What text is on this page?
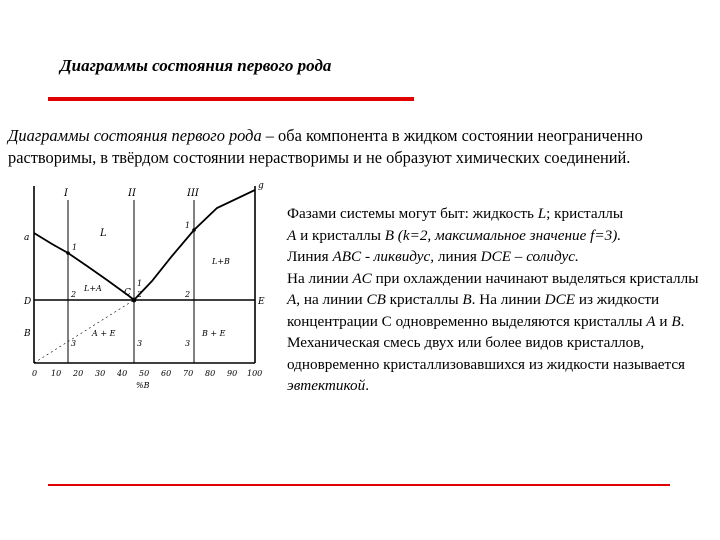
Диаграммы состояния первого рода
Диаграммы состояния первого рода – оба компонента в жидком состоянии неограниченно растворимы, в твёрдом состоянии нерастворимы и не образуют химических соединений.
I	II	III
a
g
D	E
B
L
L+A
L+B
A + E	B + E
C
1
2
3
1
2
3
1
2
3
0 10 20 30 40 50 60 70 80 90 100
%B

Фазами системы могут быт: жидкость L; кристаллы

A и кристаллы B (k=2, максимальное значение f=3).

Линия ABC - ликвидус, линия DCE – солидус.

На линии AC при охлаждении начинают выделяться кристаллы A, на линии CB кристаллы B. На линии DCE из жидкости концентрации С одновременно выделяются кристаллы A и B.

Механическая смесь двух или более видов кристаллов, одновременно кристаллизовавшихся из жидкости называется эвтектикой.
